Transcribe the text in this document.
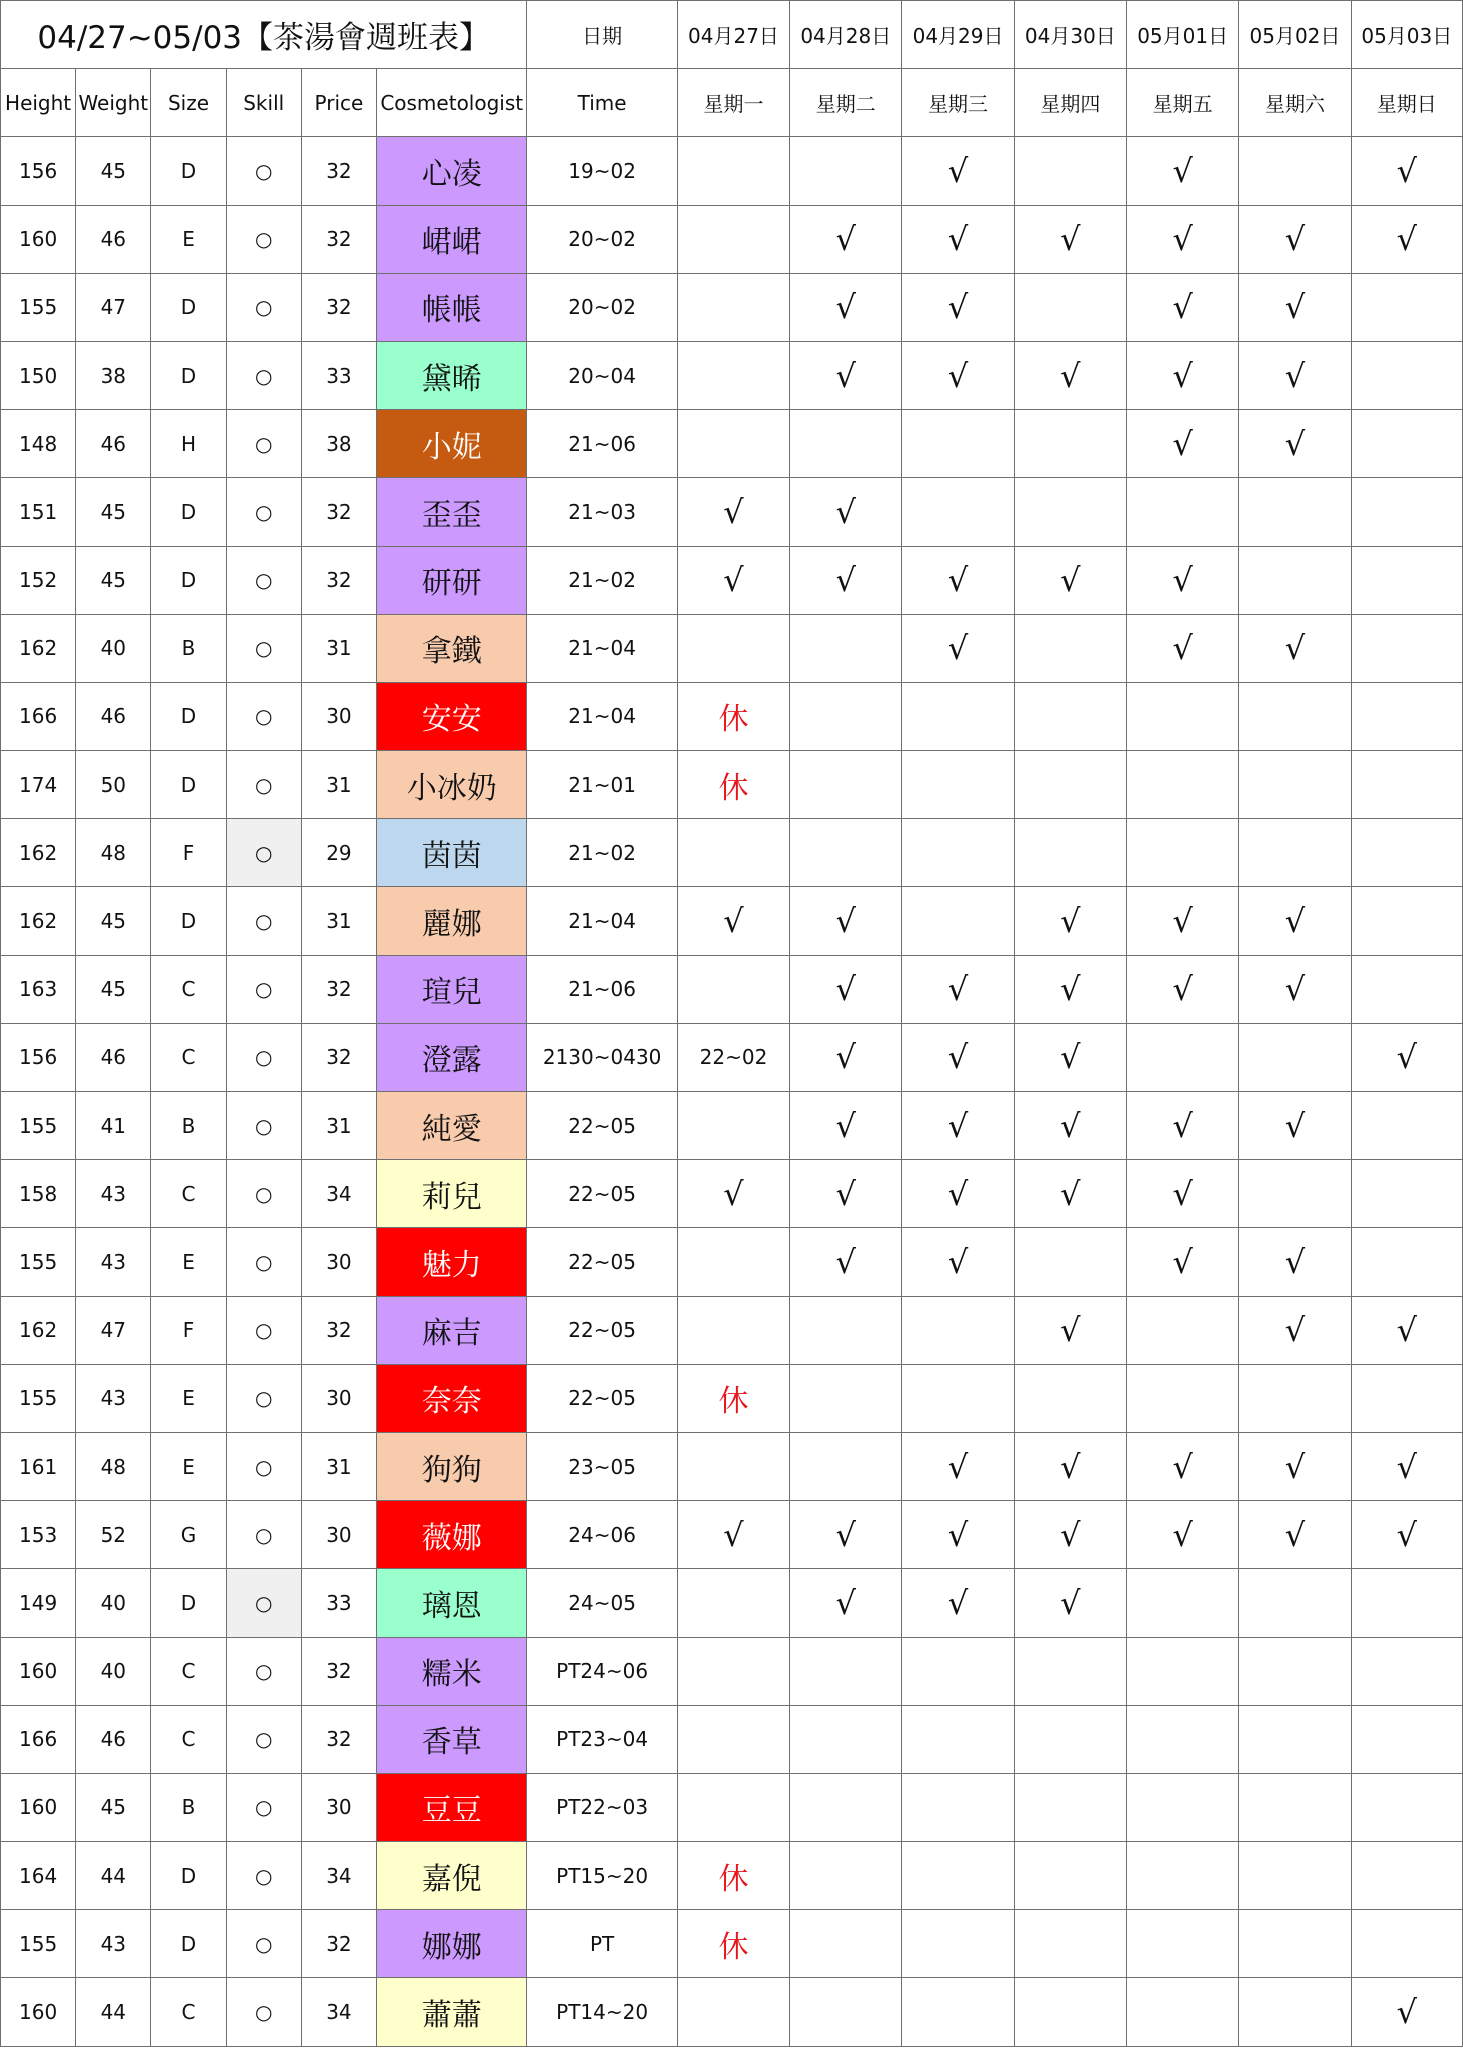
04/27~05/03【茶湯會週班表】						日期	04月27日	04月28日	04月29日	04月30日	05月01日	05月02日	05月03日
Height	Weight	Size	Skill	Price	Cosmetologist	Time	星期一	星期二	星期三	星期四	星期五	星期六	星期日
156	45	D	○	32	心凌	19~02			√		√		√
160	46	E	○	32	峮峮	20~02		√	√	√	√	√	√
155	47	D	○	32	帳帳	20~02		√	√		√	√	
150	38	D	○	33	黛晞	20~04		√	√	√	√	√	
148	46	H	○	38	小妮	21~06					√	√	
151	45	D	○	32	歪歪	21~03	√	√					
152	45	D	○	32	研研	21~02	√	√	√	√	√		
162	40	B	○	31	拿鐵	21~04			√		√	√	
166	46	D	○	30	安安	21~04	休						
174	50	D	○	31	小冰奶	21~01	休						
162	48	F	○	29	茵茵	21~02							
162	45	D	○	31	麗娜	21~04	√	√		√	√	√	
163	45	C	○	32	瑄兒	21~06		√	√	√	√	√	
156	46	C	○	32	澄露	2130~0430	22~02	√	√	√			√
155	41	B	○	31	純愛	22~05		√	√	√	√	√	
158	43	C	○	34	莉兒	22~05	√	√	√	√	√		
155	43	E	○	30	魅力	22~05		√	√		√	√	
162	47	F	○	32	麻吉	22~05				√		√	√
155	43	E	○	30	奈奈	22~05	休						
161	48	E	○	31	狗狗	23~05			√	√	√	√	√
153	52	G	○	30	薇娜	24~06	√	√	√	√	√	√	√
149	40	D	○	33	璃恩	24~05		√	√	√			
160	40	C	○	32	糯米	PT24~06							
166	46	C	○	32	香草	PT23~04							
160	45	B	○	30	豆豆	PT22~03							
164	44	D	○	34	嘉倪	PT15~20	休						
155	43	D	○	32	娜娜	PT	休						
160	44	C	○	34	蕭蕭	PT14~20							√
